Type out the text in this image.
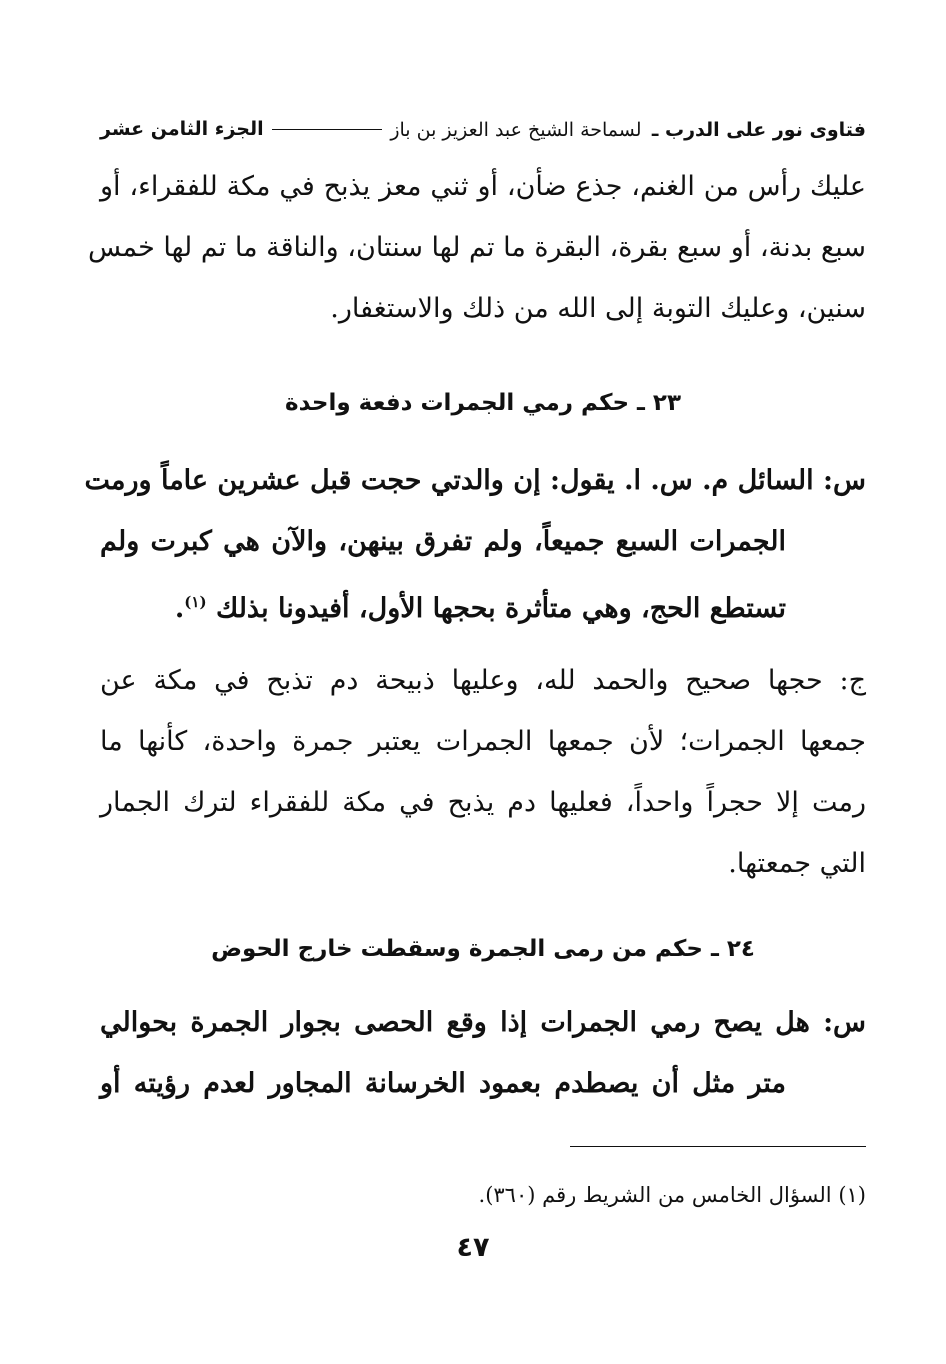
فتاوى نور على الدرب ـ لسماحة الشيخ عبد العزيز بن باز
الجزء الثامن عشر
عليك رأس من الغنم، جذع ضأن، أو ثني معز يذبح في مكة للفقراء، أو
سبع بدنة، أو سبع بقرة، البقرة ما تم لها سنتان، والناقة ما تم لها خمس
سنين، وعليك التوبة إلى الله من ذلك والاستغفار.
٢٣ ـ حكم رمي الجمرات دفعة واحدة
س: السائل م. س. ا. يقول: إن والدتي حجت قبل عشرين عاماً ورمت
الجمرات السبع جميعاً، ولم تفرق بينهن، والآن هي كبرت ولم
تستطع الحج، وهي متأثرة بحجها الأول، أفيدونا بذلك $^{(١)}$.
ج: حجها صحيح والحمد لله، وعليها ذبيحة دم تذبح في مكة عن
جمعها الجمرات؛ لأن جمعها الجمرات يعتبر جمرة واحدة، كأنها ما
رمت إلا حجراً واحداً، فعليها دم يذبح في مكة للفقراء لترك الجمار
التي جمعتها.
٢٤ ـ حكم من رمى الجمرة وسقطت خارج الحوض
س: هل يصح رمي الجمرات إذا وقع الحصى بجوار الجمرة بحوالي
متر مثل أن يصطدم بعمود الخرسانة المجاور لعدم رؤيته أو
(١) السؤال الخامس من الشريط رقم (٣٦٠).
٤٧
